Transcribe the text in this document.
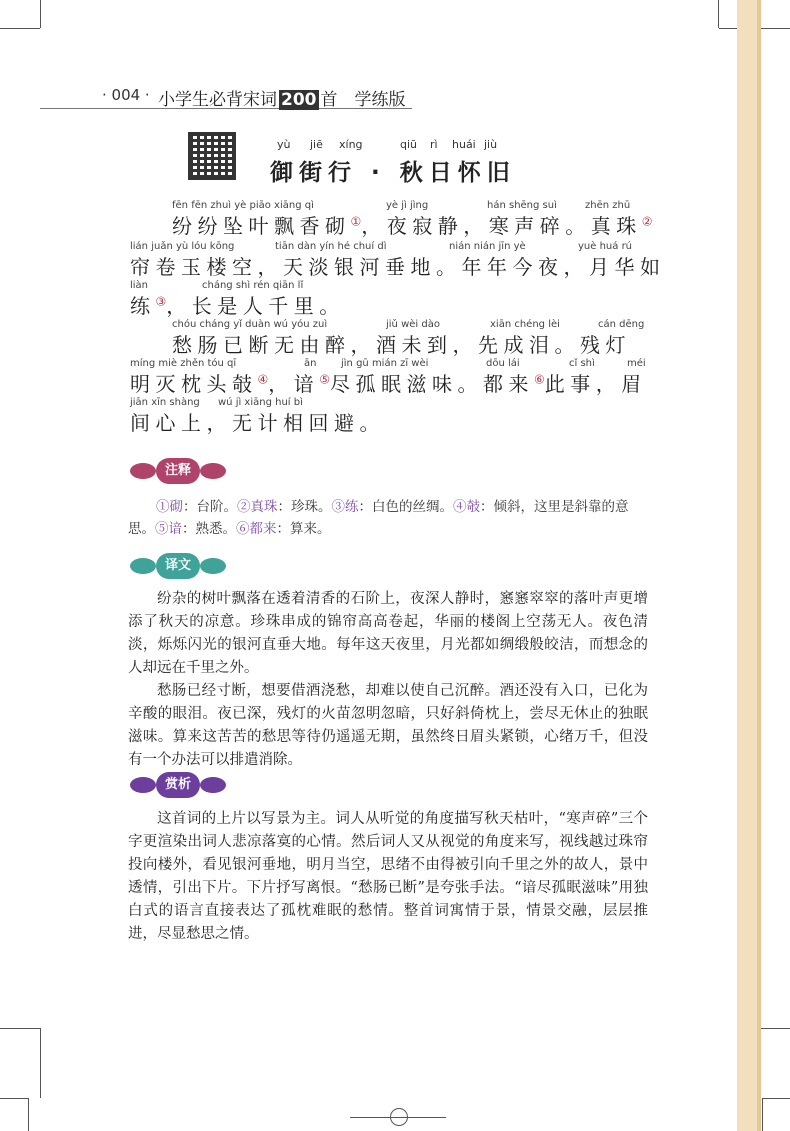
· 004 · 小学生必背宋词 200 首　学练版
yù jiē xíng	qiū rì huái jiù
御街行 · 秋日怀旧
fēn fēn zhuì yè piāo xiāng qì	yè jì jìng	hán shēng suì	zhēn zhū
lián juǎn yù lóu kōng	tiān dàn yín hé chuí dì	nián nián jīn yè	yuè huá rú
liàn	cháng shì rén qiān lǐ
chóu cháng yǐ duàn wú yóu zuì	jiǔ wèi dào	xiān chéng lèi	cán dēng
míng miè zhěn tóu qī	ān jìn gū mián zī wèi	dōu lái	cǐ shì	méi
jiān xīn shàng wú jì xiāng huí bì
纷纷坠叶飘香砌①，夜寂静，寒声碎。真珠②
帘卷玉楼空，天淡银河垂地。年年今夜，月华如
练③，长是人千里。
愁肠已断无由醉，酒未到，先成泪。残灯
明灭枕头攲④，谙⑤尽孤眠滋味。都来⑥此事，眉
间心上，无计相回避。
注释
①砌：台阶。②真珠：珍珠。③练：白色的丝绸。④攲：倾斜，这里是斜靠的意思。⑤谙：熟悉。⑥都来：算来。
译文
纷杂的树叶飘落在透着清香的石阶上，夜深人静时，窸窸窣窣的落叶声更增添了秋天的凉意。珍珠串成的锦帘高高卷起，华丽的楼阁上空荡无人。夜色清淡，烁烁闪光的银河直垂大地。每年这天夜里，月光都如绸缎般皎洁，而想念的人却远在千里之外。
愁肠已经寸断，想要借酒浇愁，却难以使自己沉醉。酒还没有入口，已化为辛酸的眼泪。夜已深，残灯的火苗忽明忽暗，只好斜倚枕上，尝尽无休止的独眠滋味。算来这苦苦的愁思等待仍遥遥无期，虽然终日眉头紧锁，心绪万千，但没有一个办法可以排遣消除。
赏析
这首词的上片以写景为主。词人从听觉的角度描写秋天枯叶，“寒声碎”三个字更渲染出词人悲凉落寞的心情。然后词人又从视觉的角度来写，视线越过珠帘投向楼外，看见银河垂地，明月当空，思绪不由得被引向千里之外的故人，景中透情，引出下片。下片抒写离恨。“愁肠已断”是夸张手法。“谙尽孤眠滋味”用独白式的语言直接表达了孤枕难眠的愁情。整首词寓情于景，情景交融，层层推进，尽显愁思之情。
